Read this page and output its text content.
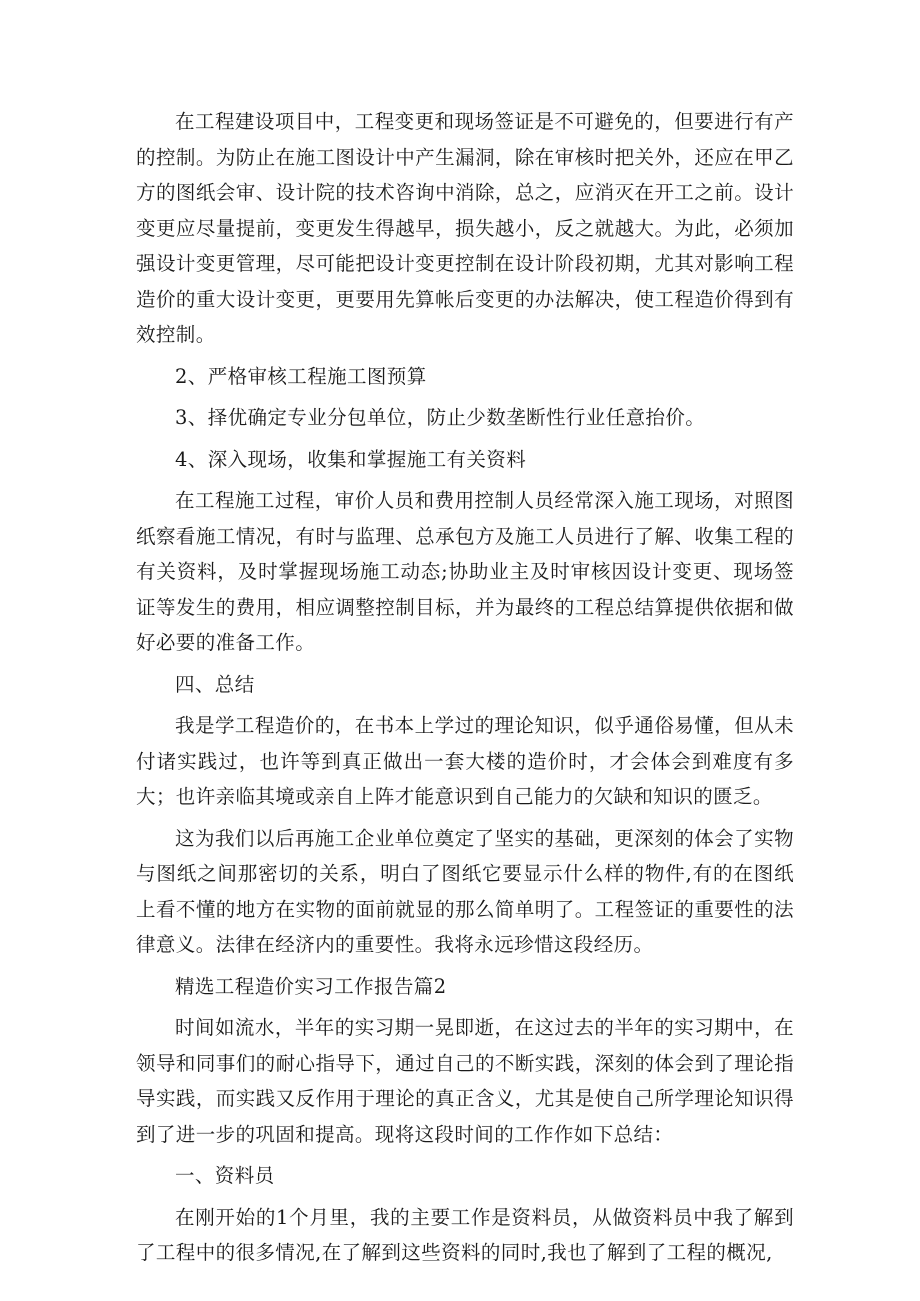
在工程建设项目中，工程变更和现场签证是不可避免的，但要进行有产的控制。为防止在施工图设计中产生漏洞，除在审核时把关外，还应在甲乙方的图纸会审、设计院的技术咨询中消除，总之，应消灭在开工之前。设计变更应尽量提前，变更发生得越早，损失越小，反之就越大。为此，必须加强设计变更管理，尽可能把设计变更控制在设计阶段初期，尤其对影响工程造价的重大设计变更，更要用先算帐后变更的办法解决，使工程造价得到有效控制。

2、严格审核工程施工图预算

3、择优确定专业分包单位，防止少数垄断性行业任意抬价。

4、深入现场，收集和掌握施工有关资料

在工程施工过程，审价人员和费用控制人员经常深入施工现场，对照图纸察看施工情况，有时与监理、总承包方及施工人员进行了解、收集工程的有关资料，及时掌握现场施工动态;协助业主及时审核因设计变更、现场签证等发生的费用，相应调整控制目标，并为最终的工程总结算提供依据和做好必要的准备工作。

四、总结

我是学工程造价的，在书本上学过的理论知识，似乎通俗易懂，但从未付诸实践过，也许等到真正做出一套大楼的造价时，才会体会到难度有多大；也许亲临其境或亲自上阵才能意识到自己能力的欠缺和知识的匮乏。

这为我们以后再施工企业单位奠定了坚实的基础，更深刻的体会了实物与图纸之间那密切的关系，明白了图纸它要显示什么样的物件,有的在图纸上看不懂的地方在实物的面前就显的那么简单明了。工程签证的重要性的法律意义。法律在经济内的重要性。我将永远珍惜这段经历。

精选工程造价实习工作报告篇2

时间如流水，半年的实习期一晃即逝，在这过去的半年的实习期中，在领导和同事们的耐心指导下，通过自己的不断实践，深刻的体会到了理论指导实践，而实践又反作用于理论的真正含义，尤其是使自己所学理论知识得到了进一步的巩固和提高。现将这段时间的工作作如下总结：

一、资料员

在刚开始的1个月里，我的主要工作是资料员，从做资料员中我了解到了工程中的很多情况,在了解到这些资料的同时,我也了解到了工程的概况,
